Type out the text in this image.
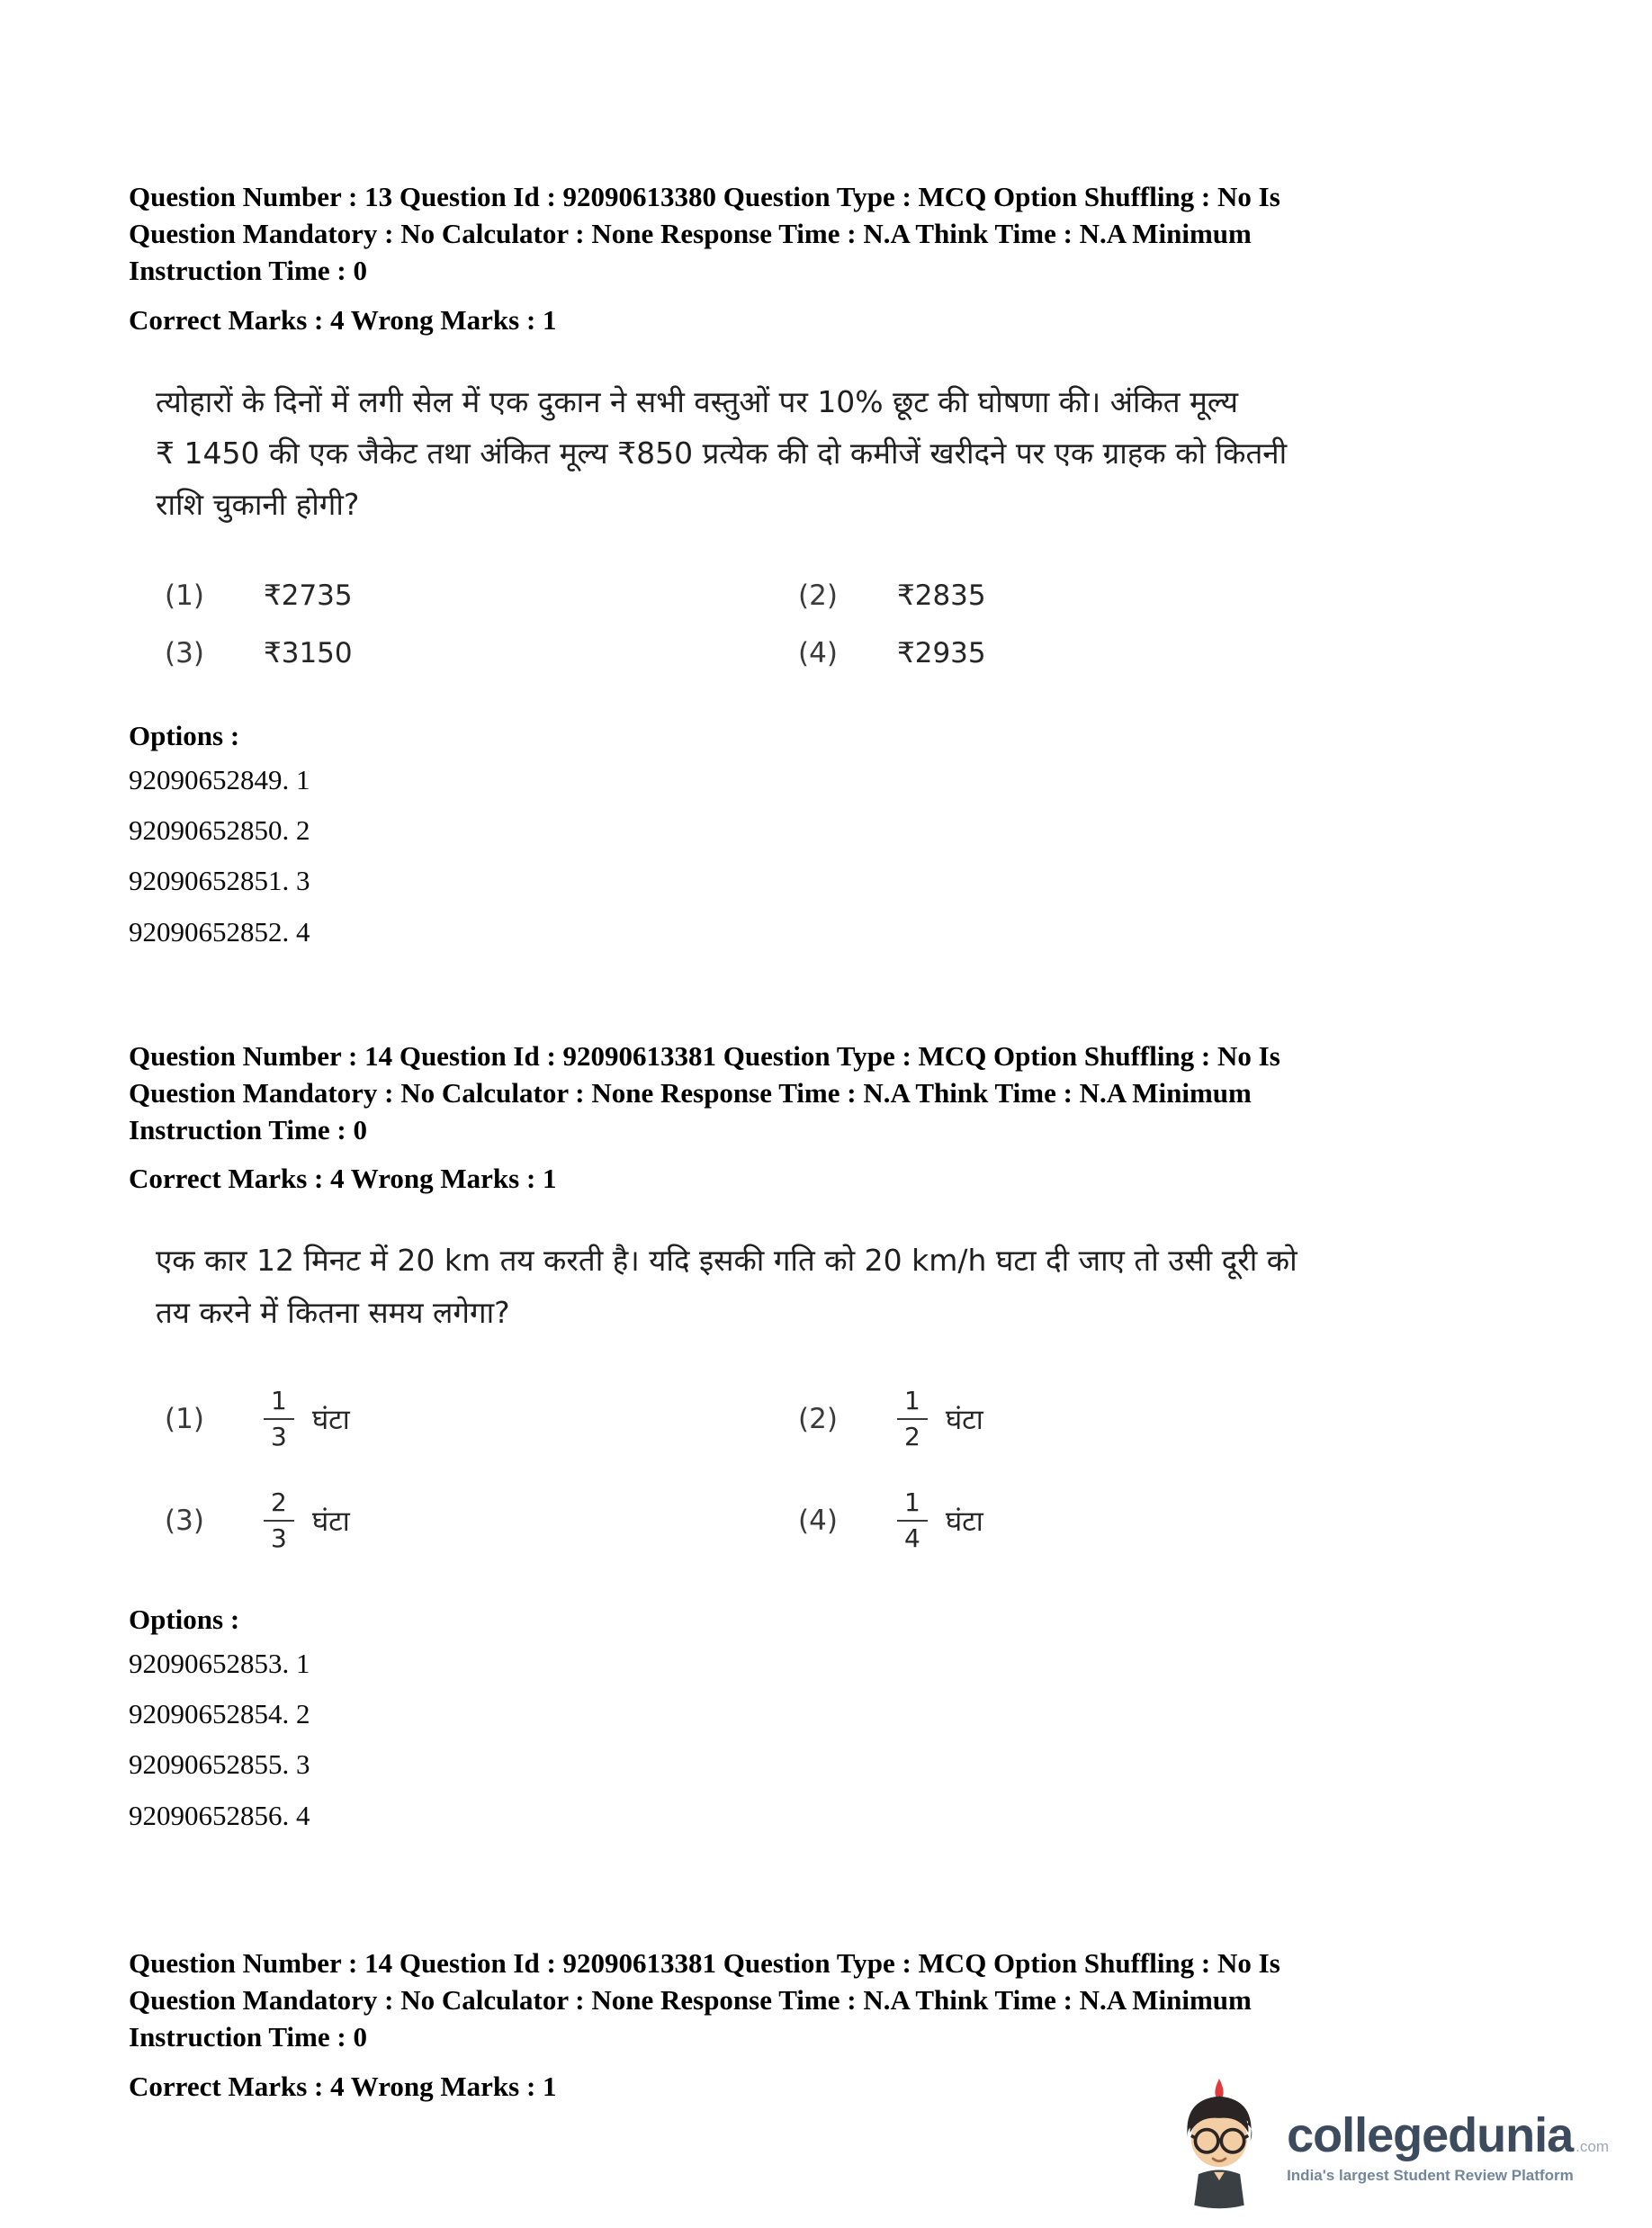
Question Number : 13 Question Id : 92090613380 Question Type : MCQ Option Shuffling : No Is
Question Mandatory : No Calculator : None Response Time : N.A Think Time : N.A Minimum
Instruction Time : 0
Correct Marks : 4 Wrong Marks : 1
त्योहारों के दिनों में लगी सेल में एक दुकान ने सभी वस्तुओं पर 10% छूट की घोषणा की। अंकित मूल्य
₹ 1450 की एक जैकेट तथा अंकित मूल्य ₹850 प्रत्येक की दो कमीजें खरीदने पर एक ग्राहक को कितनी
राशि चुकानी होगी?
(1)	₹2735	(2)	₹2835
(3)	₹3150	(4)	₹2935
Options :
92090652849. 1
92090652850. 2
92090652851. 3
92090652852. 4
Question Number : 14 Question Id : 92090613381 Question Type : MCQ Option Shuffling : No Is
Question Mandatory : No Calculator : None Response Time : N.A Think Time : N.A Minimum
Instruction Time : 0
Correct Marks : 4 Wrong Marks : 1
एक कार 12 मिनट में 20 km तय करती है। यदि इसकी गति को 20 km/h घटा दी जाए तो उसी दूरी को
तय करने में कितना समय लगेगा?
(1)	$\frac{1}{3}$ घंटा	(2)	$\frac{1}{2}$ घंटा
(3)	$\frac{2}{3}$ घंटा	(4)	$\frac{1}{4}$ घंटा
Options :
92090652853. 1
92090652854. 2
92090652855. 3
92090652856. 4
Question Number : 14 Question Id : 92090613381 Question Type : MCQ Option Shuffling : No Is
Question Mandatory : No Calculator : None Response Time : N.A Think Time : N.A Minimum
Instruction Time : 0
Correct Marks : 4 Wrong Marks : 1
collegedunia .com
India's largest Student Review Platform
